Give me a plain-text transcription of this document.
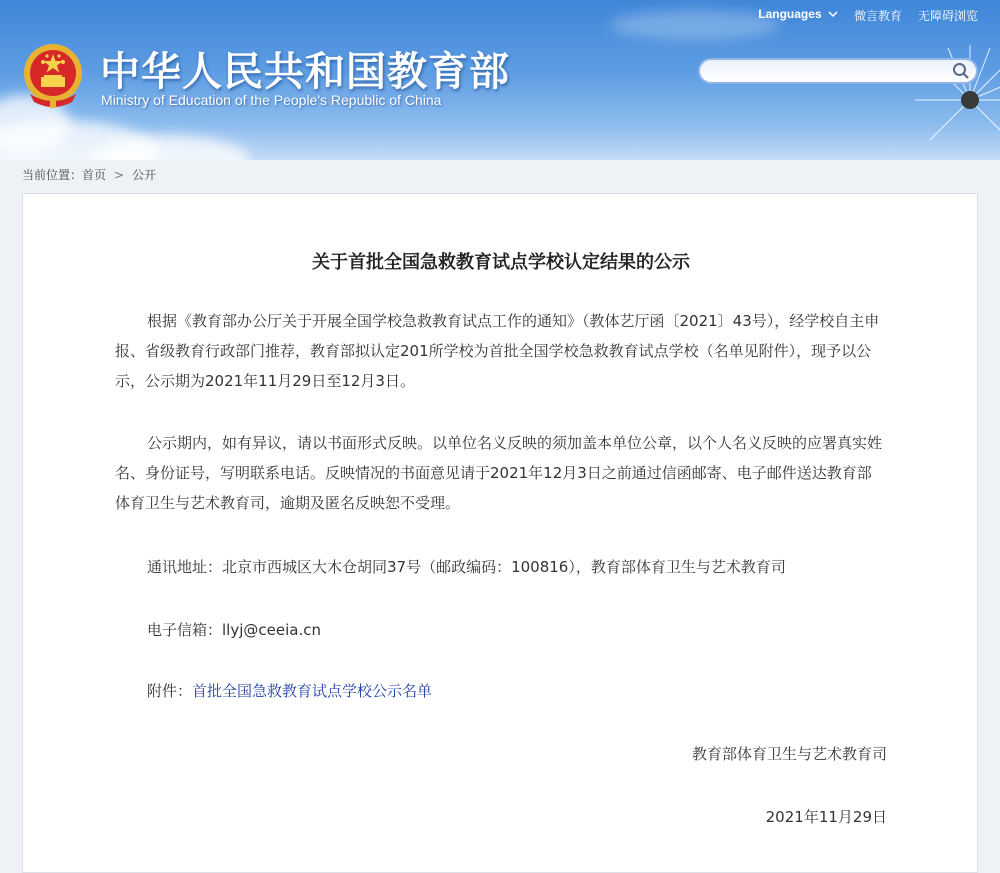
中华人民共和国教育部
Ministry of Education of the People's Republic of China
Languages	微言教育 无障碍浏览
当前位置：首页 > 公开
关于首批全国急救教育试点学校认定结果的公示

根据《教育部办公厅关于开展全国学校急救教育试点工作的通知》（教体艺厅函〔2021〕43号），经学校自主申报、省级教育行政部门推荐，教育部拟认定201所学校为首批全国学校急救教育试点学校（名单见附件），现予以公示，公示期为2021年11月29日至12月3日。

公示期内，如有异议，请以书面形式反映。以单位名义反映的须加盖本单位公章，以个人名义反映的应署真实姓名、身份证号，写明联系电话。反映情况的书面意见请于2021年12月3日之前通过信函邮寄、电子邮件送达教育部体育卫生与艺术教育司，逾期及匿名反映恕不受理。

通讯地址：北京市西城区大木仓胡同37号（邮政编码：100816），教育部体育卫生与艺术教育司

电子信箱：llyj@ceeia.cn

附件：首批全国急救教育试点学校公示名单

教育部体育卫生与艺术教育司
2021年11月29日
